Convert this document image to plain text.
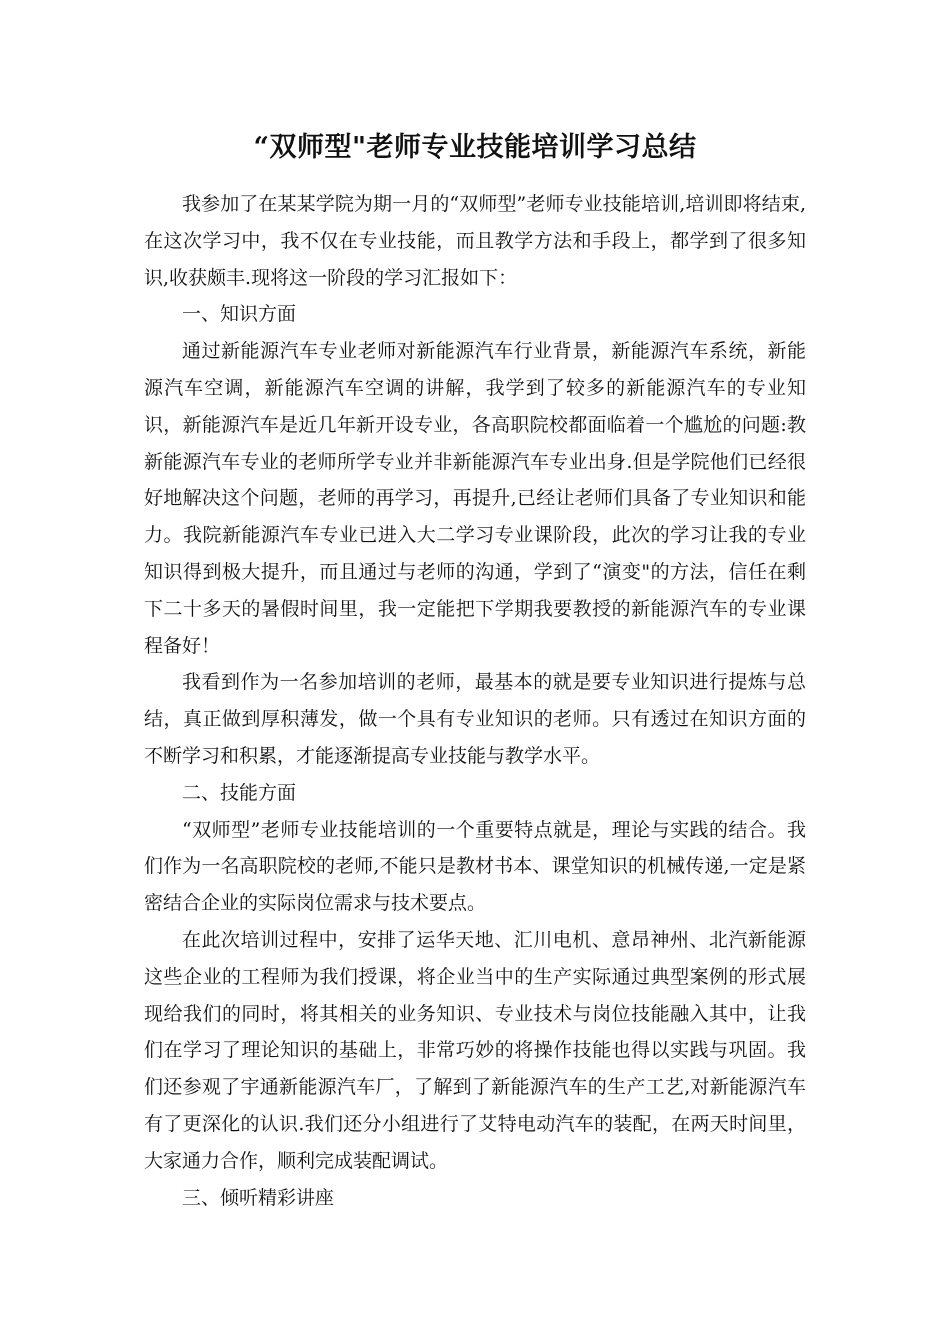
“双师型"老师专业技能培训学习总结

我参加了在某某学院为期一月的“双师型”老师专业技能培训,培训即将结束,在这次学习中，我不仅在专业技能，而且教学方法和手段上，都学到了很多知识,收获颇丰.现将这一阶段的学习汇报如下：

一、知识方面

通过新能源汽车专业老师对新能源汽车行业背景，新能源汽车系统，新能源汽车空调，新能源汽车空调的讲解，我学到了较多的新能源汽车的专业知识，新能源汽车是近几年新开设专业，各高职院校都面临着一个尴尬的问题:教新能源汽车专业的老师所学专业并非新能源汽车专业出身.但是学院他们已经很好地解决这个问题，老师的再学习，再提升,已经让老师们具备了专业知识和能力。我院新能源汽车专业已进入大二学习专业课阶段，此次的学习让我的专业知识得到极大提升，而且通过与老师的沟通，学到了“演变"的方法，信任在剩下二十多天的暑假时间里，我一定能把下学期我要教授的新能源汽车的专业课程备好！

我看到作为一名参加培训的老师，最基本的就是要专业知识进行提炼与总结，真正做到厚积薄发，做一个具有专业知识的老师。只有透过在知识方面的不断学习和积累，才能逐渐提高专业技能与教学水平。

二、技能方面

“双师型”老师专业技能培训的一个重要特点就是，理论与实践的结合。我们作为一名高职院校的老师,不能只是教材书本、课堂知识的机械传递,一定是紧密结合企业的实际岗位需求与技术要点。

在此次培训过程中，安排了运华天地、汇川电机、意昂神州、北汽新能源这些企业的工程师为我们授课，将企业当中的生产实际通过典型案例的形式展现给我们的同时，将其相关的业务知识、专业技术与岗位技能融入其中，让我们在学习了理论知识的基础上，非常巧妙的将操作技能也得以实践与巩固。我们还参观了宇通新能源汽车厂，了解到了新能源汽车的生产工艺,对新能源汽车有了更深化的认识.我们还分小组进行了艾特电动汽车的装配，在两天时间里，大家通力合作，顺利完成装配调试。

三、倾听精彩讲座
